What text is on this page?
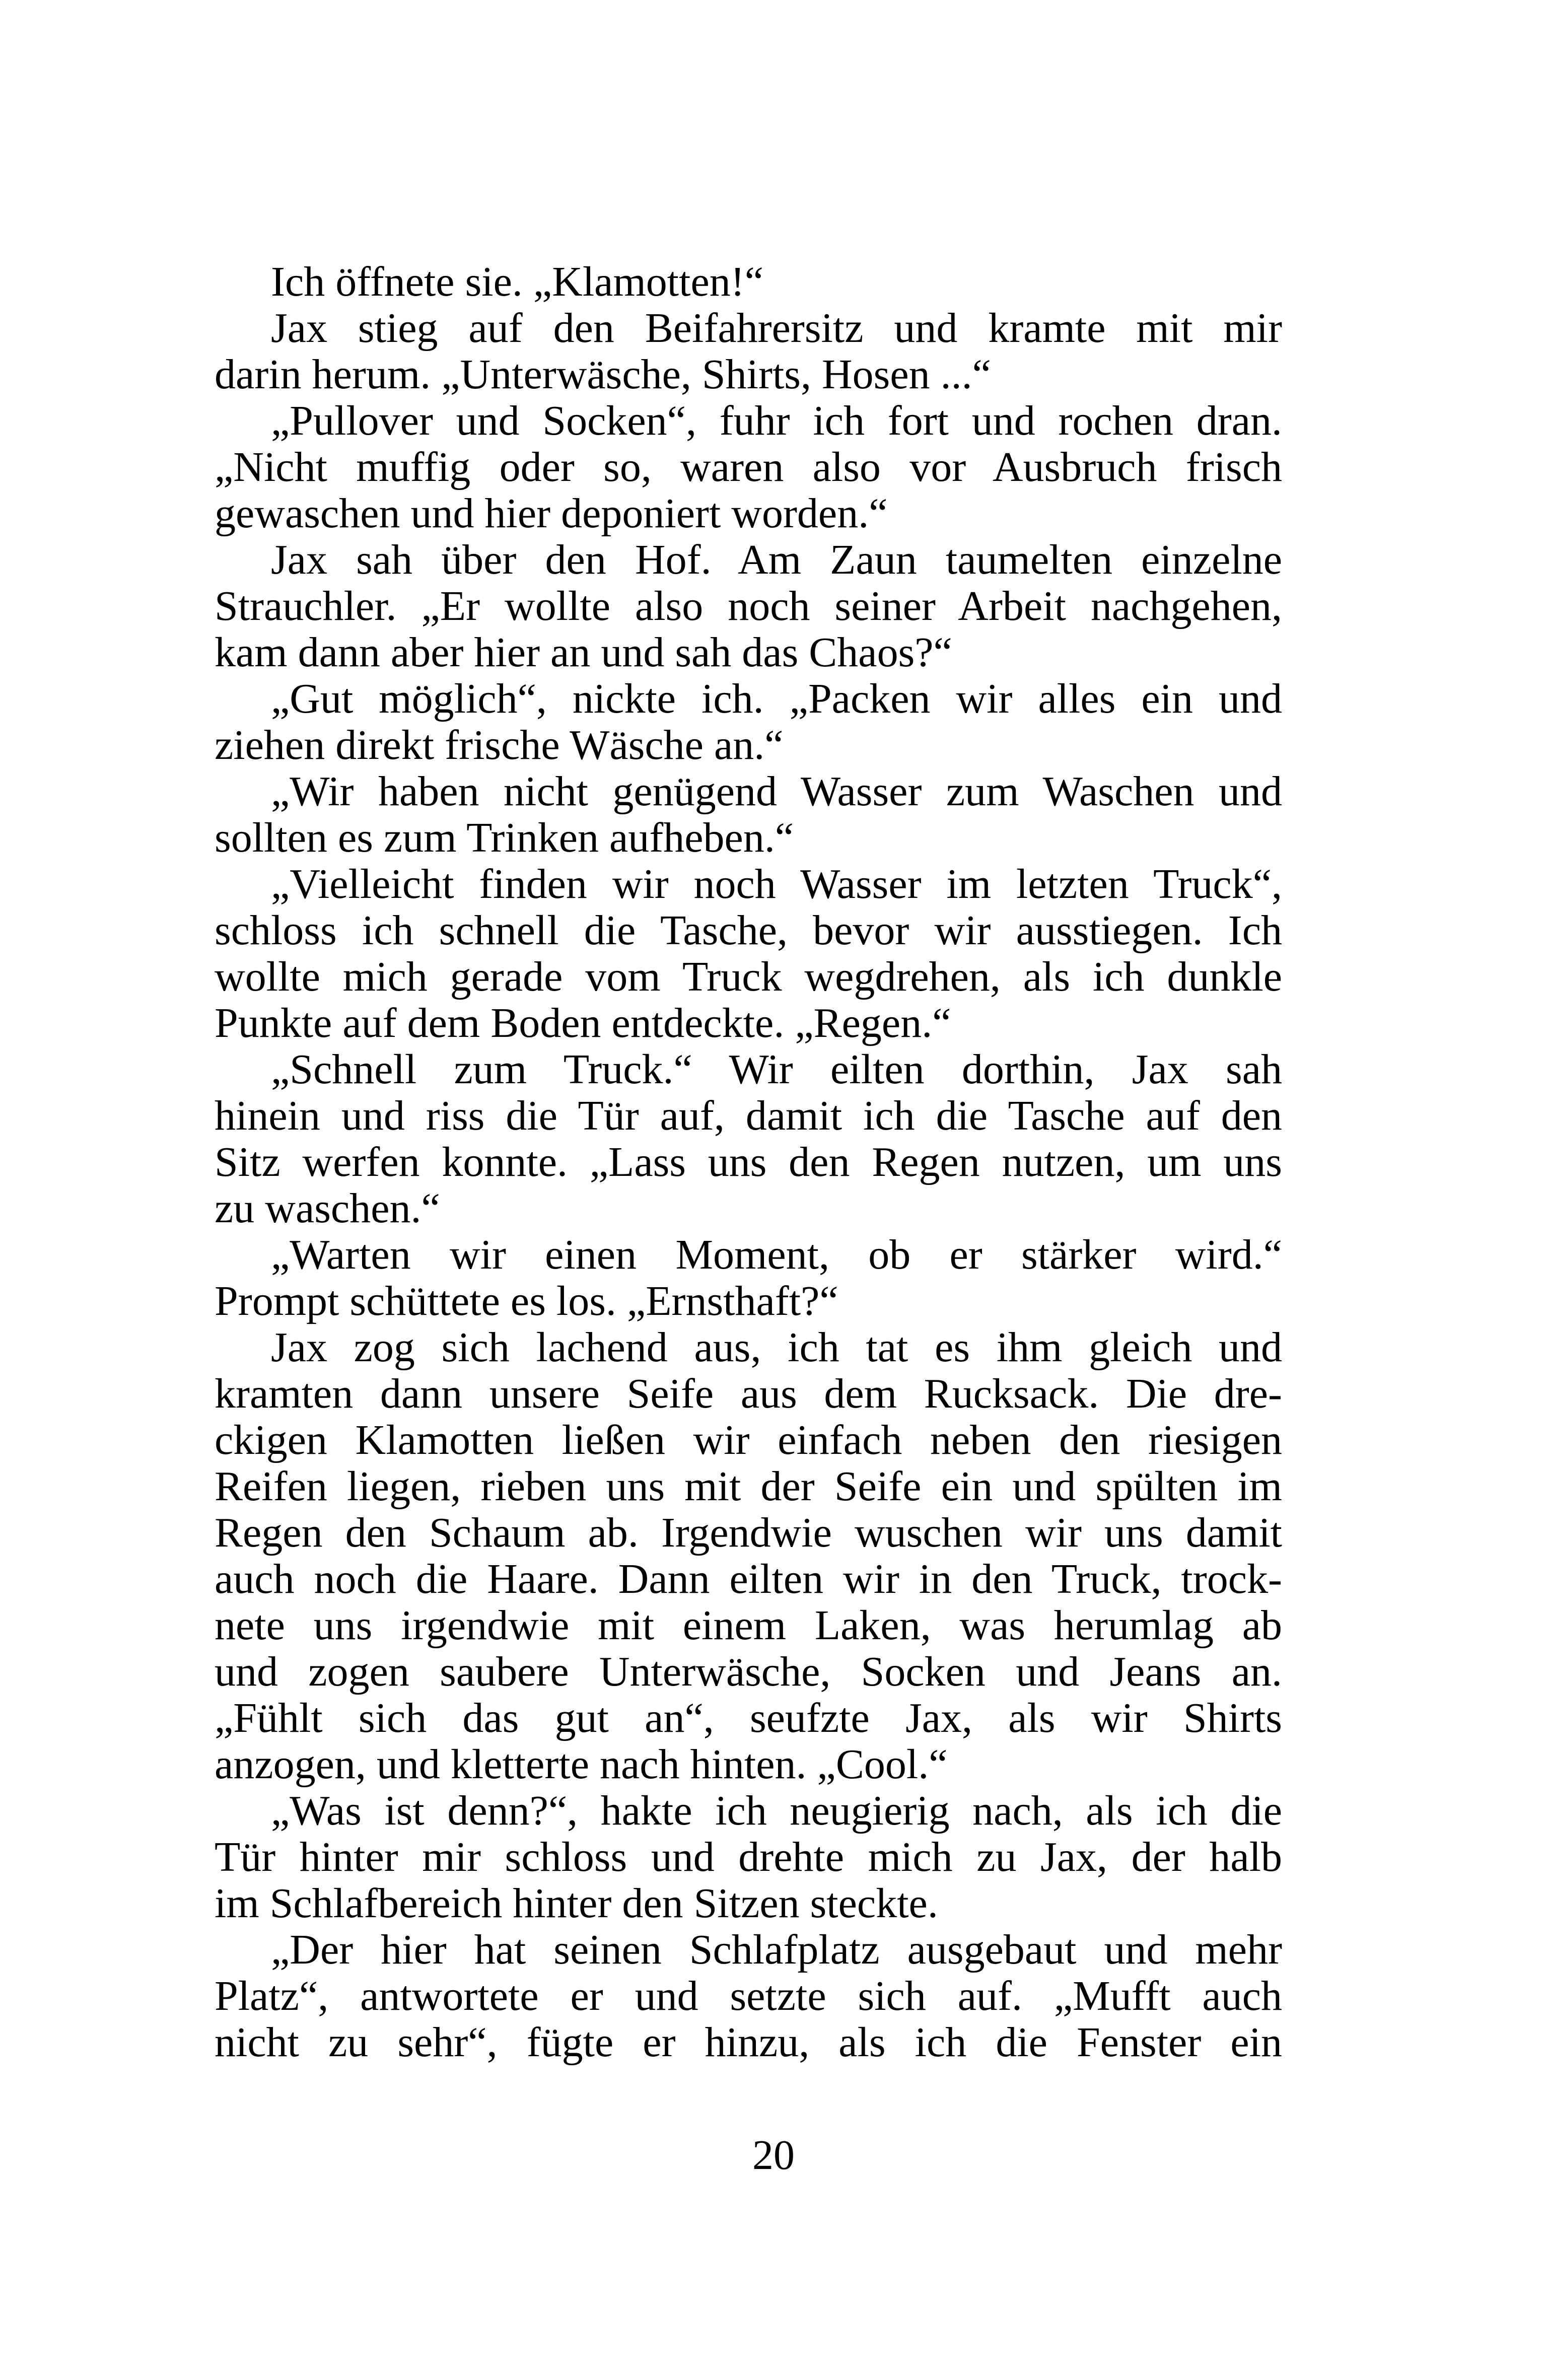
Ich öffnete sie. „Klamotten!“
Jax stieg auf den Beifahrersitz und kramte mit mir
darin herum. „Unterwäsche, Shirts, Hosen ...“
„Pullover und Socken“, fuhr ich fort und rochen dran.
„Nicht muffig oder so, waren also vor Ausbruch frisch
gewaschen und hier deponiert worden.“
Jax sah über den Hof. Am Zaun taumelten einzelne
Strauchler. „Er wollte also noch seiner Arbeit nachgehen,
kam dann aber hier an und sah das Chaos?“
„Gut möglich“, nickte ich. „Packen wir alles ein und
ziehen direkt frische Wäsche an.“
„Wir haben nicht genügend Wasser zum Waschen und
sollten es zum Trinken aufheben.“
„Vielleicht finden wir noch Wasser im letzten Truck“,
schloss ich schnell die Tasche, bevor wir ausstiegen. Ich
wollte mich gerade vom Truck wegdrehen, als ich dunkle
Punkte auf dem Boden entdeckte. „Regen.“
„Schnell zum Truck.“ Wir eilten dorthin, Jax sah
hinein und riss die Tür auf, damit ich die Tasche auf den
Sitz werfen konnte. „Lass uns den Regen nutzen, um uns
zu waschen.“
„Warten wir einen Moment, ob er stärker wird.“
Prompt schüttete es los. „Ernsthaft?“
Jax zog sich lachend aus, ich tat es ihm gleich und
kramten dann unsere Seife aus dem Rucksack. Die dre-
ckigen Klamotten ließen wir einfach neben den riesigen
Reifen liegen, rieben uns mit der Seife ein und spülten im
Regen den Schaum ab. Irgendwie wuschen wir uns damit
auch noch die Haare. Dann eilten wir in den Truck, trock-
nete uns irgendwie mit einem Laken, was herumlag ab
und zogen saubere Unterwäsche, Socken und Jeans an.
„Fühlt sich das gut an“, seufzte Jax, als wir Shirts
anzogen, und kletterte nach hinten. „Cool.“
„Was ist denn?“, hakte ich neugierig nach, als ich die
Tür hinter mir schloss und drehte mich zu Jax, der halb
im Schlafbereich hinter den Sitzen steckte.
„Der hier hat seinen Schlafplatz ausgebaut und mehr
Platz“, antwortete er und setzte sich auf. „Mufft auch
nicht zu sehr“, fügte er hinzu, als ich die Fenster ein
20
